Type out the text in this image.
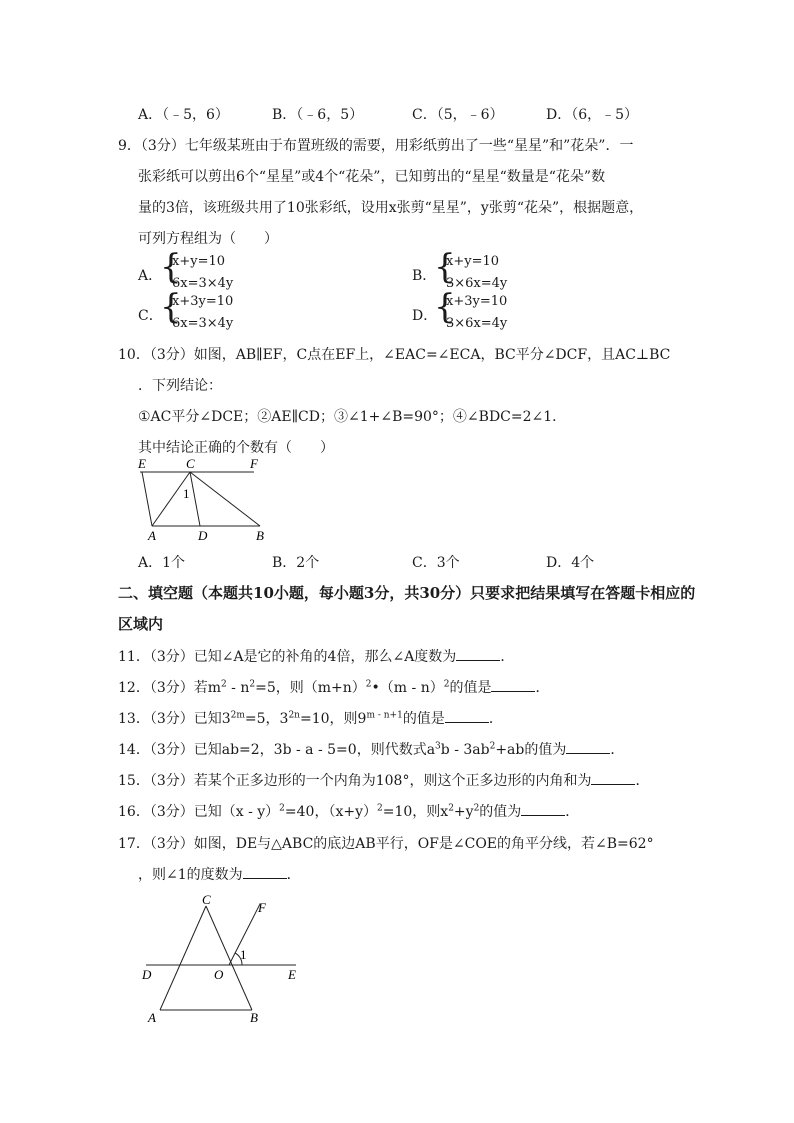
A．（﹣5，6）	B．（﹣6，5）	C．（5，﹣6）	D．（6，﹣5）
9．（3分）七年级某班由于布置班级的需要，用彩纸剪出了一些“星星”和”花朵”．一
张彩纸可以剪出6个“星星”或4个“花朵”，已知剪出的“星星“数量是“花朵”数
量的3倍，该班级共用了10张彩纸，设用x张剪“星星”，y张剪“花朵”，根据题意，
可列方程组为（　　）
A．
{
x+y=10
6x=3×4y	B．
{
x+y=10
3×6x=4y
C．
{
x+3y=10
6x=3×4y	D．
{
x+3y=10
3×6x=4y
10．（3分）如图，AB∥EF，C点在EF上，∠EAC=∠ECA，BC平分∠DCF，且AC⊥BC
．下列结论：
①AC平分∠DCE；②AE∥CD；③∠1+∠B=90°；④∠BDC=2∠1．
其中结论正确的个数有（　　）
E	C	F
1
A	D	B
A．1个	B．2个	C．3个	D．4个
二、填空题（本题共10小题，每小题3分，共30分）只要求把结果填写在答题卡相应的
区域内
11．（3分）已知∠A是它的补角的4倍，那么∠A度数为	．
12．（3分）若$m^2 - n^2=5$，则$(m+n)^2•(m - n)^2$的值是	．
13．（3分）已知$3^{2m}=5$，$3^{2n}=10$，则$9^{m - n+1}$的值是	．
14．（3分）已知ab=2，3b - a - 5=0，则代数式$a^3b - 3ab^2+ab$的值为	．
15．（3分）若某个正多边形的一个内角为108°，则这个正多边形的内角和为	．
16．（3分）已知（x - y）$^2$=40，$(x+y)^2=10$，则$x^2+y^2$的值为	．
17．（3分）如图，DE与△ABC的底边AB平行，OF是∠COE的角平分线，若∠B=62°
，则∠1的度数为	．
C
F
1
D	O	E
A	B
